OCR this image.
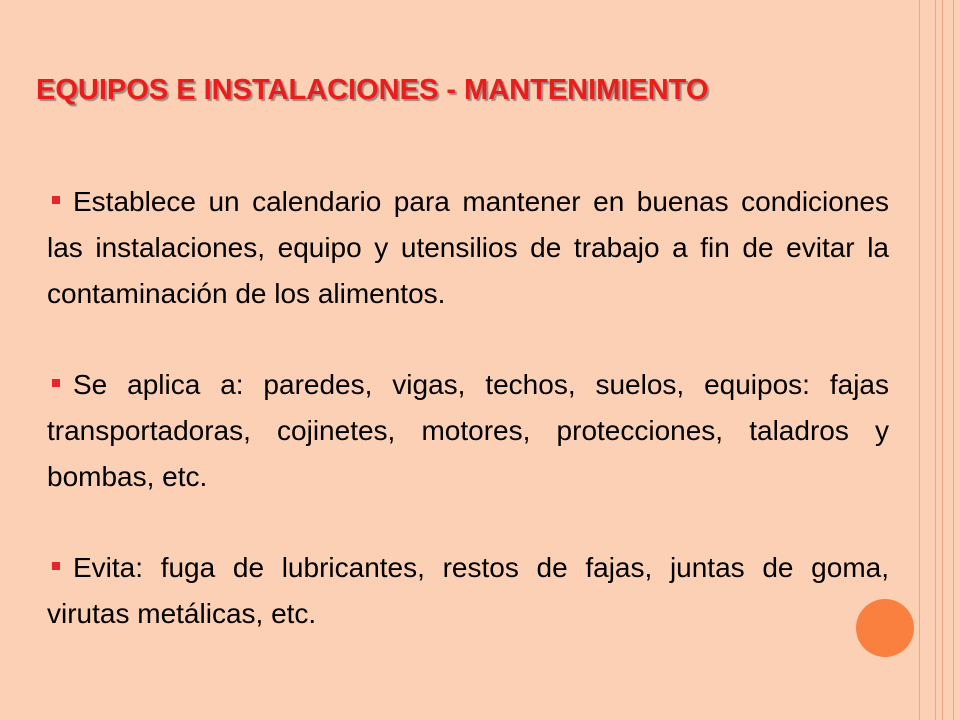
EQUIPOS E INSTALACIONES - MANTENIMIENTO
Establece un calendario para mantener en buenas condiciones las instalaciones, equipo y utensilios de trabajo a fin de evitar la contaminación de los alimentos.
Se aplica a: paredes, vigas, techos, suelos, equipos: fajas transportadoras, cojinetes, motores, protecciones, taladros y bombas, etc.
Evita: fuga de lubricantes, restos de fajas, juntas de goma, virutas metálicas, etc.
